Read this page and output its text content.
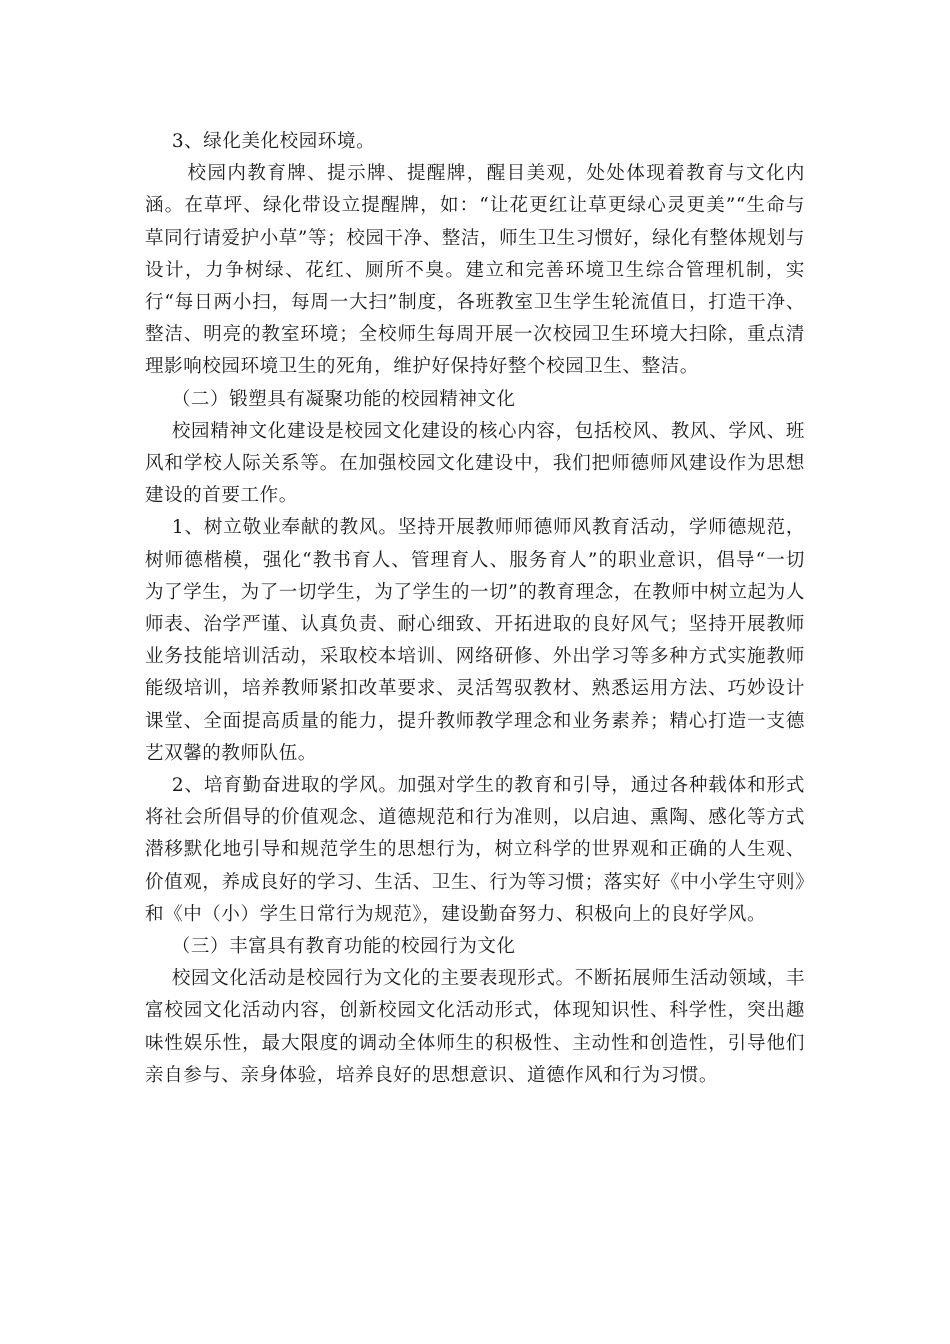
3、绿化美化校园环境。

校园内教育牌、提示牌、提醒牌，醒目美观，处处体现着教育与文化内涵。在草坪、绿化带设立提醒牌，如：“让花更红让草更绿心灵更美”“生命与草同行请爱护小草”等；校园干净、整洁，师生卫生习惯好，绿化有整体规划与设计，力争树绿、花红、厕所不臭。建立和完善环境卫生综合管理机制，实行“每日两小扫，每周一大扫”制度，各班教室卫生学生轮流值日，打造干净、整洁、明亮的教室环境；全校师生每周开展一次校园卫生环境大扫除，重点清理影响校园环境卫生的死角，维护好保持好整个校园卫生、整洁。

（二）锻塑具有凝聚功能的校园精神文化

校园精神文化建设是校园文化建设的核心内容，包括校风、教风、学风、班风和学校人际关系等。在加强校园文化建设中，我们把师德师风建设作为思想建设的首要工作。

1、树立敬业奉献的教风。坚持开展教师师德师风教育活动，学师德规范，树师德楷模，强化“教书育人、管理育人、服务育人”的职业意识，倡导“一切为了学生，为了一切学生，为了学生的一切”的教育理念，在教师中树立起为人师表、治学严谨、认真负责、耐心细致、开拓进取的良好风气；坚持开展教师业务技能培训活动，采取校本培训、网络研修、外出学习等多种方式实施教师能级培训，培养教师紧扣改革要求、灵活驾驭教材、熟悉运用方法、巧妙设计课堂、全面提高质量的能力，提升教师教学理念和业务素养；精心打造一支德艺双馨的教师队伍。

2、培育勤奋进取的学风。加强对学生的教育和引导，通过各种载体和形式将社会所倡导的价值观念、道德规范和行为准则，以启迪、熏陶、感化等方式潜移默化地引导和规范学生的思想行为，树立科学的世界观和正确的人生观、价值观，养成良好的学习、生活、卫生、行为等习惯；落实好《中小学生守则》和《中（小）学生日常行为规范》，建设勤奋努力、积极向上的良好学风。

（三）丰富具有教育功能的校园行为文化

校园文化活动是校园行为文化的主要表现形式。不断拓展师生活动领域，丰富校园文化活动内容，创新校园文化活动形式，体现知识性、科学性，突出趣味性娱乐性，最大限度的调动全体师生的积极性、主动性和创造性，引导他们亲自参与、亲身体验，培养良好的思想意识、道德作风和行为习惯。
